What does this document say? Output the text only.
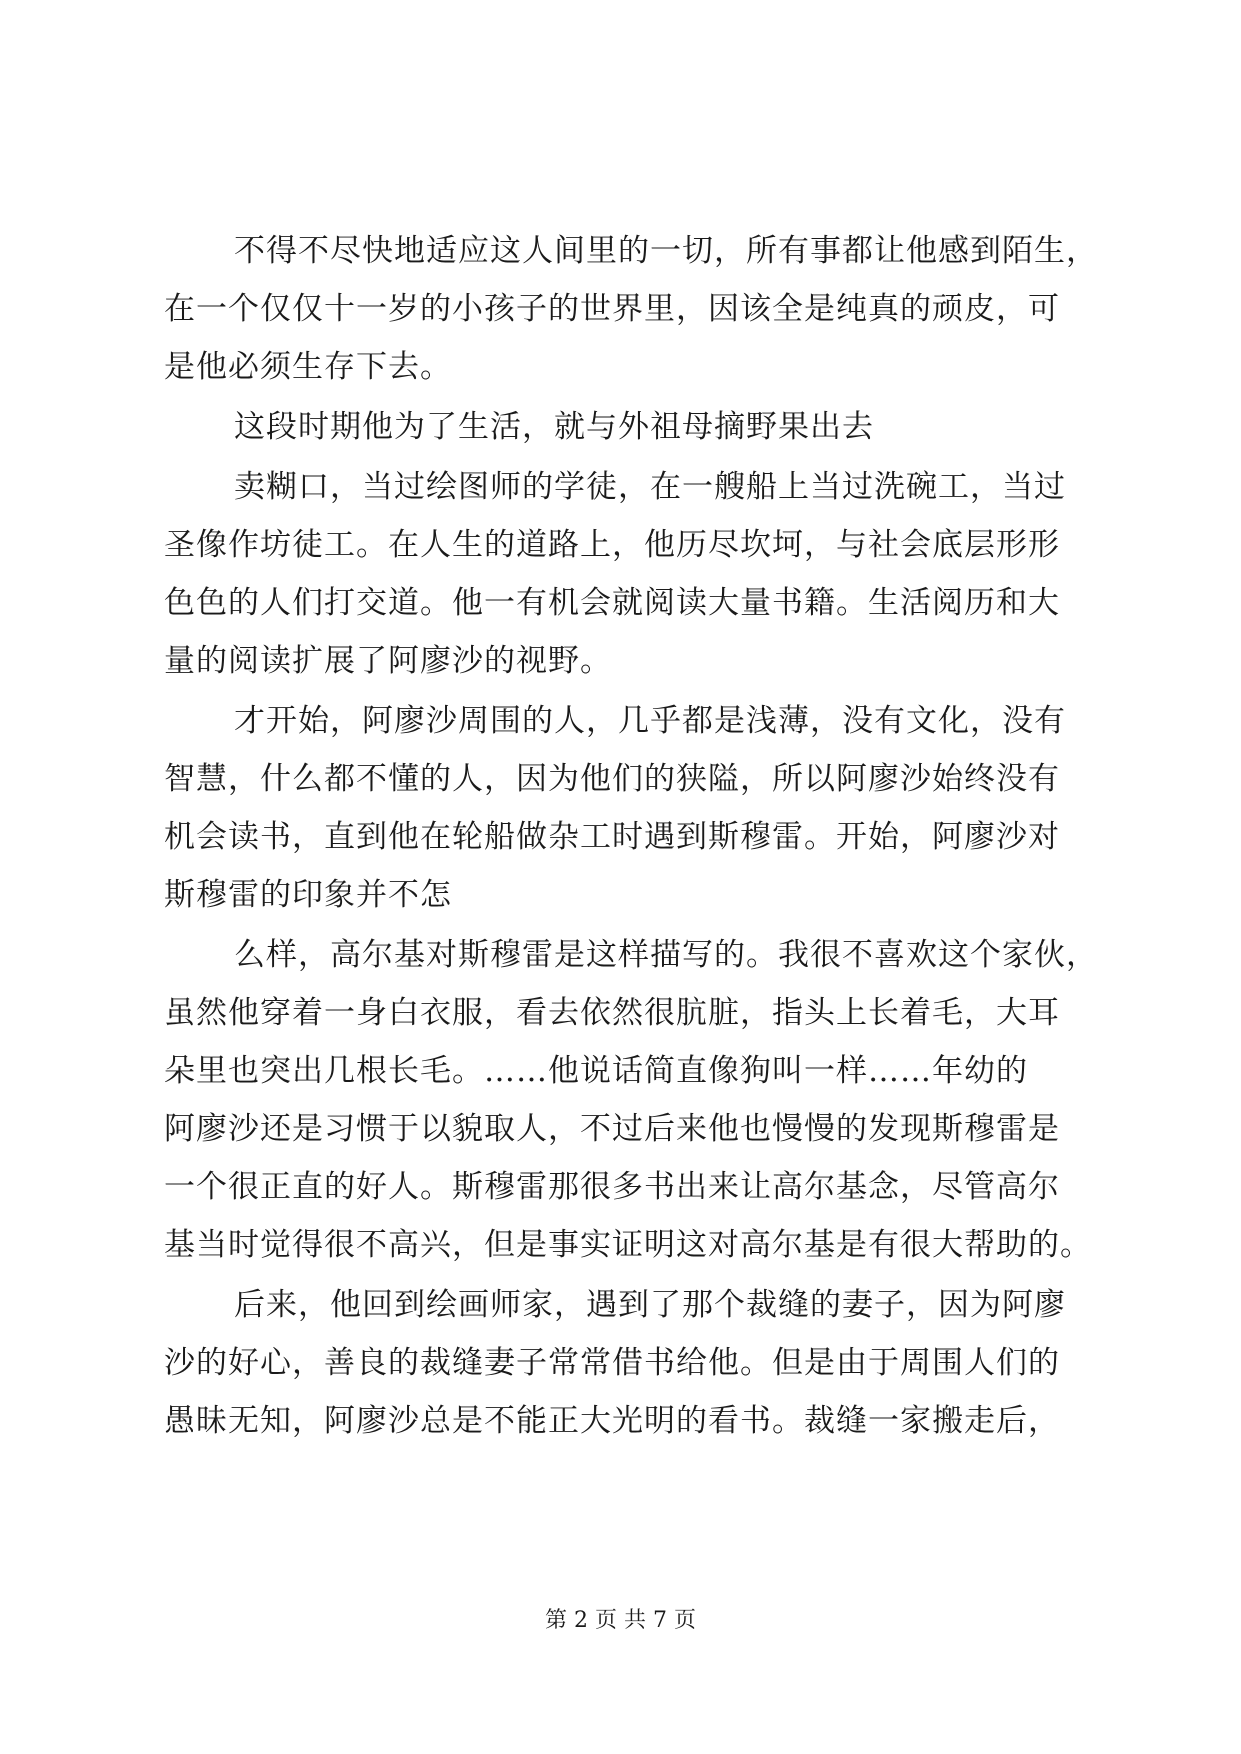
不得不尽快地适应这人间里的一切，所有事都让他感到陌生，
在一个仅仅十一岁的小孩子的世界里，因该全是纯真的顽皮，可
是他必须生存下去。
这段时期他为了生活，就与外祖母摘野果出去
卖糊口，当过绘图师的学徒，在一艘船上当过洗碗工，当过
圣像作坊徒工。在人生的道路上，他历尽坎坷，与社会底层形形
色色的人们打交道。他一有机会就阅读大量书籍。生活阅历和大
量的阅读扩展了阿廖沙的视野。
才开始，阿廖沙周围的人，几乎都是浅薄，没有文化，没有
智慧，什么都不懂的人，因为他们的狭隘，所以阿廖沙始终没有
机会读书，直到他在轮船做杂工时遇到斯穆雷。开始，阿廖沙对
斯穆雷的印象并不怎
么样，高尔基对斯穆雷是这样描写的。我很不喜欢这个家伙，
虽然他穿着一身白衣服，看去依然很肮脏，指头上长着毛，大耳
朵里也突出几根长毛。……他说话简直像狗叫一样……年幼的
阿廖沙还是习惯于以貌取人，不过后来他也慢慢的发现斯穆雷是
一个很正直的好人。斯穆雷那很多书出来让高尔基念，尽管高尔
基当时觉得很不高兴，但是事实证明这对高尔基是有很大帮助的。
后来，他回到绘画师家，遇到了那个裁缝的妻子，因为阿廖
沙的好心，善良的裁缝妻子常常借书给他。但是由于周围人们的
愚昧无知，阿廖沙总是不能正大光明的看书。裁缝一家搬走后，
第 2 页 共 7 页
